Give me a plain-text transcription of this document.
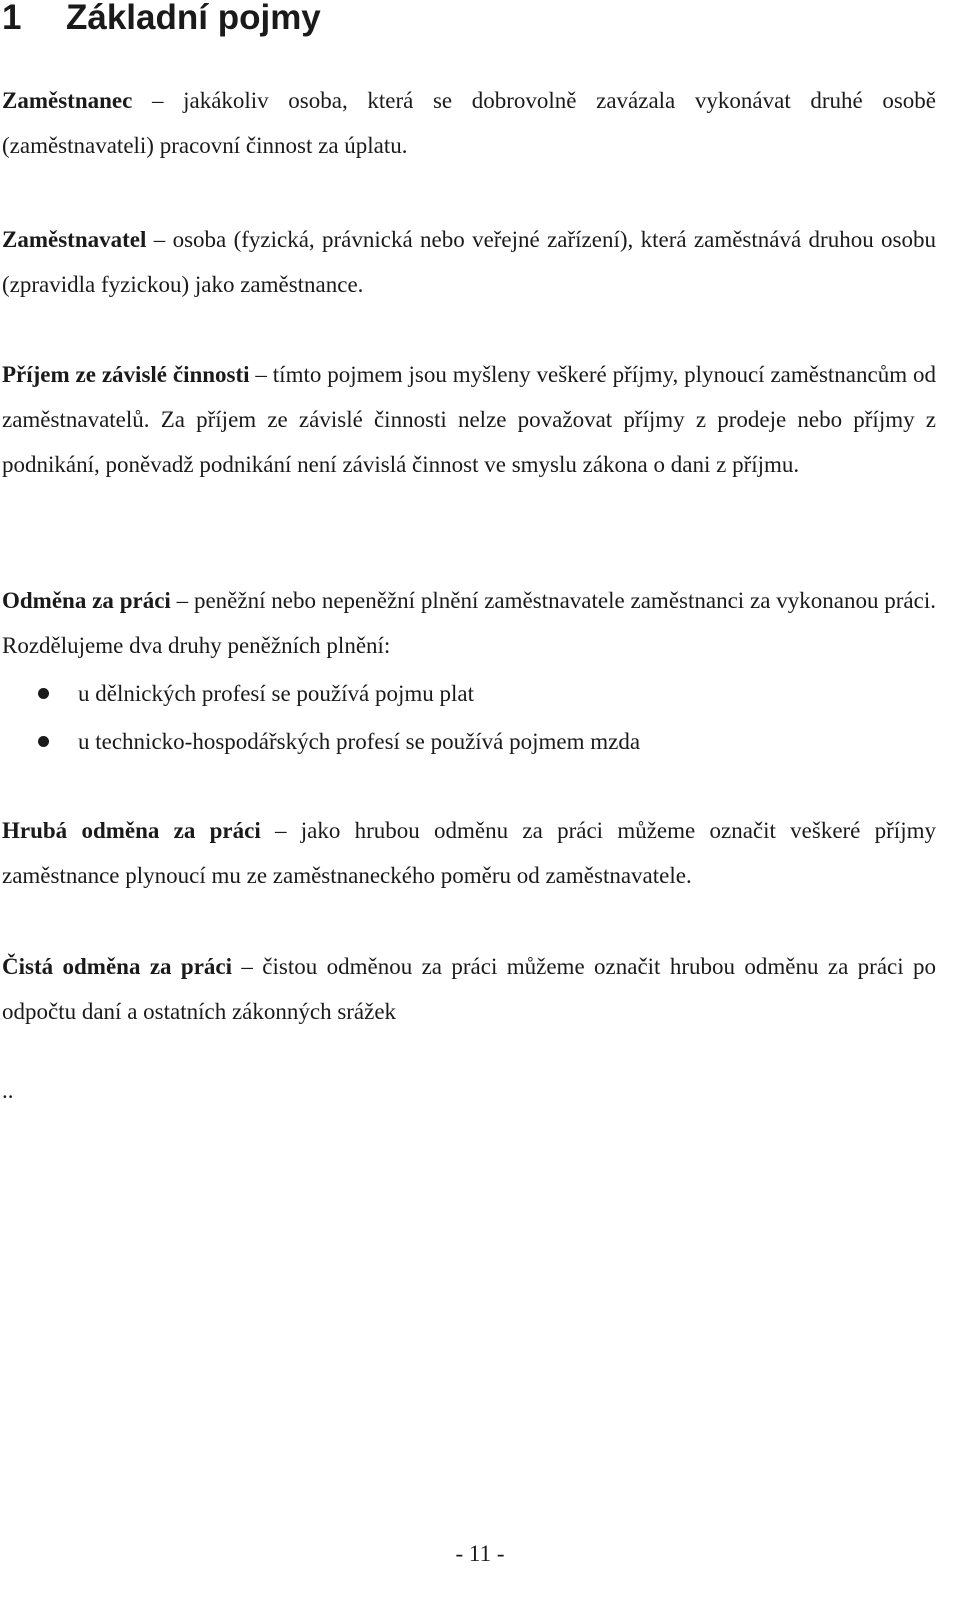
1 Základní pojmy

Zaměstnanec – jakákoliv osoba, která se dobrovolně zavázala vykonávat druhé osobě (zaměstnavateli) pracovní činnost za úplatu.

Zaměstnavatel – osoba (fyzická, právnická nebo veřejné zařízení), která zaměstnává druhou osobu (zpravidla fyzickou) jako zaměstnance.

Příjem ze závislé činnosti – tímto pojmem jsou myšleny veškeré příjmy, plynoucí zaměstnancům od zaměstnavatelů. Za příjem ze závislé činnosti nelze považovat příjmy z prodeje nebo příjmy z podnikání, poněvadž podnikání není závislá činnost ve smyslu zákona o dani z příjmu.

Odměna za práci – peněžní nebo nepeněžní plnění zaměstnavatele zaměstnanci za vykonanou práci. Rozdělujeme dva druhy peněžních plnění:

u dělnických profesí se používá pojmu plat
u technicko-hospodářských profesí se používá pojmem mzda

Hrubá odměna za práci – jako hrubou odměnu za práci můžeme označit veškeré příjmy zaměstnance plynoucí mu ze zaměstnaneckého poměru od zaměstnavatele.

Čistá odměna za práci – čistou odměnou za práci můžeme označit hrubou odměnu za práci po odpočtu daní a ostatních zákonných srážek

..
- 11 -
